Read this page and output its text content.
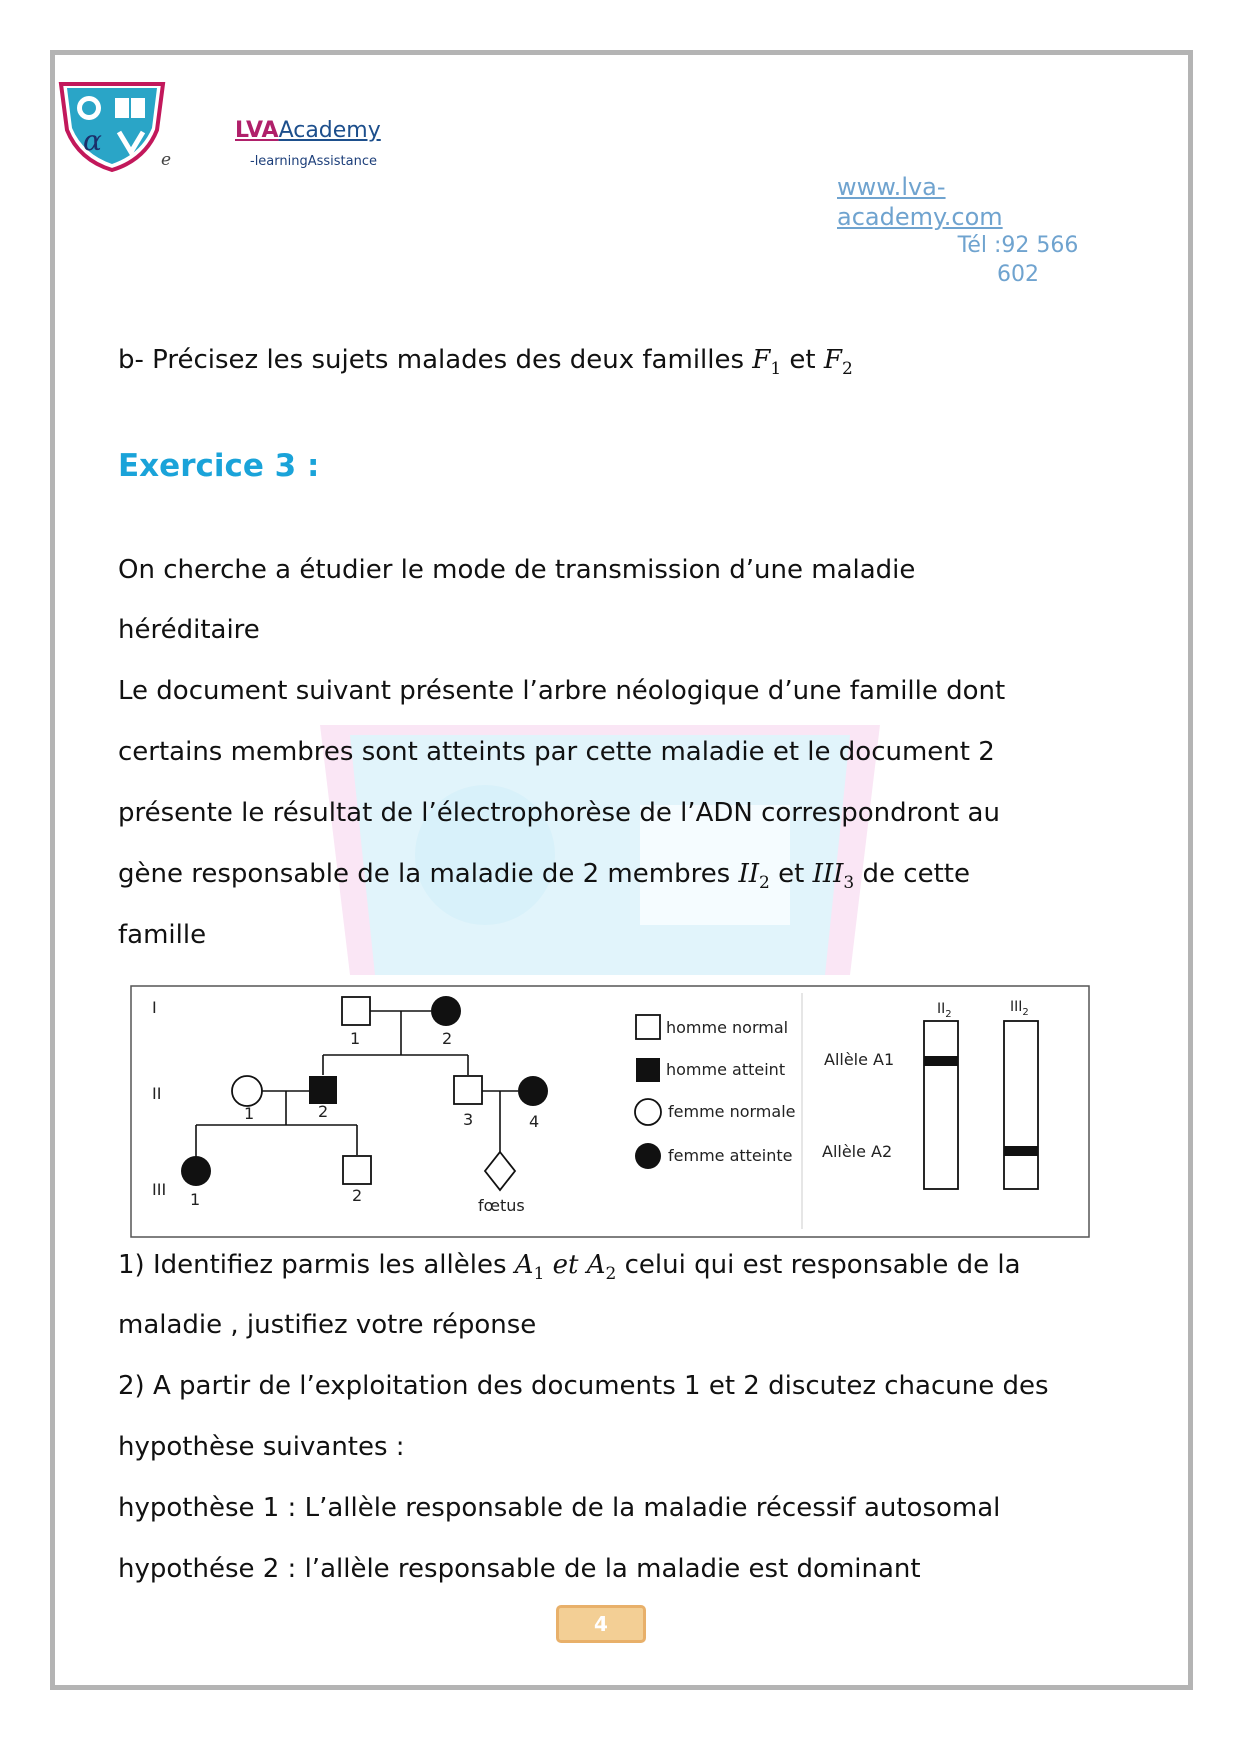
α	LVAAcademy
-learningAssistance
e
www.lva-
academy.com
Tél :92 566
602
b- Précisez les sujets malades des deux familles $F_1$ et $F_2$
Exercice 3 :
On cherche a étudier le mode de transmission d’une maladie
héréditaire
Le document suivant présente l’arbre néologique d’une famille dont
certains membres sont atteints par cette maladie et le document 2
présente le résultat de l’électrophorèse de l’ADN correspondront au
gène responsable de la maladie de 2 membres $II_2$ et $III_3$ de cette
famille
I
II
III
1	2
1	2	3	4
1	2
fœtus
homme normal
homme atteint
femme normale
femme atteinte
$II_2$	$III_2$
Allèle A1
Allèle A2
1) Identifiez parmis les allèles $A_1$ et $A_2$ celui qui est responsable de la
maladie , justifiez votre réponse
2) A partir de l’exploitation des documents 1 et 2 discutez chacune des
hypothèse suivantes :
hypothèse 1 : L’allèle responsable de la maladie récessif autosomal
hypothése 2 : l’allèle responsable de la maladie est dominant
4
